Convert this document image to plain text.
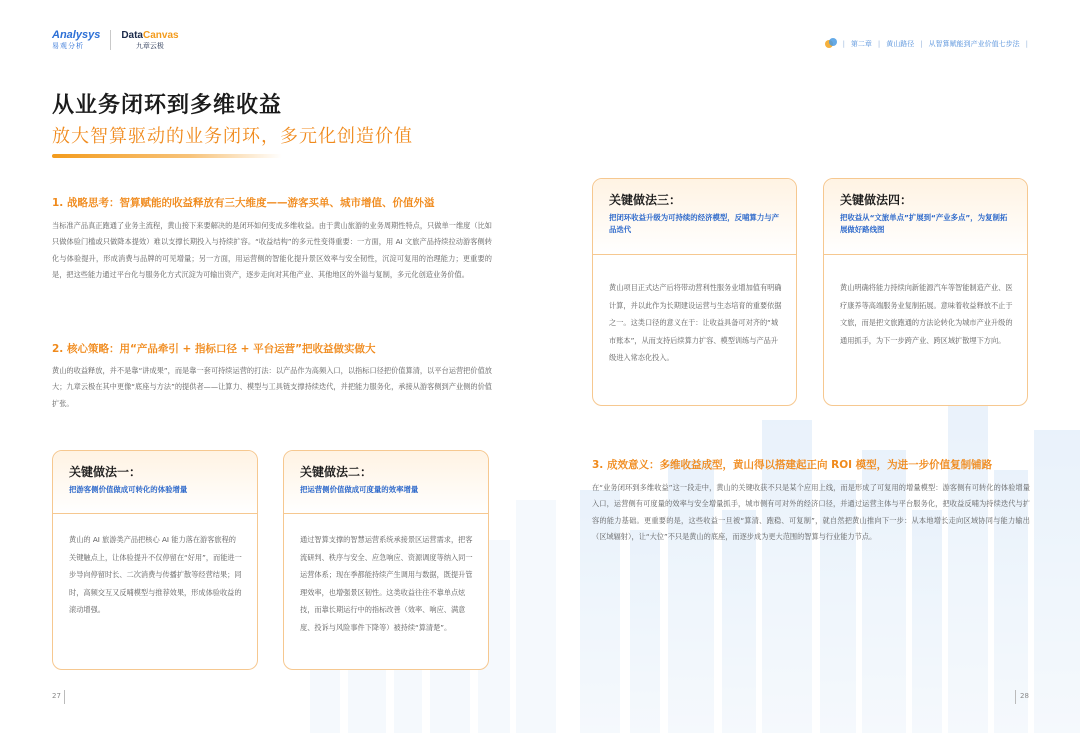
Analysys
易观分析
DataCanvas
九章云极	| 第二章 | 黄山路径 | 从智算赋能到产业价值七步法 |
从业务闭环到多维收益
放大智算驱动的业务闭环，多元化创造价值
1. 战略思考：智算赋能的收益释放有三大维度——游客买单、城市增值、价值外溢
当标准产品真正跑通了业务主流程，黄山接下来要解决的是闭环如何变成多维收益。由于黄山旅游的业务周期性特点，只做单一维度（比如只做体验门槛或只做降本提效）难以支撑长期投入与持续扩容。“收益结构”的多元性变得重要：一方面，用 AI 文旅产品持续拉动游客侧转化与体验提升，形成消费与品牌的可见增量；另一方面，用运营侧的智能化提升景区效率与安全韧性，沉淀可复用的治理能力；更重要的是，把这些能力通过平台化与服务化方式沉淀为可输出资产，逐步走向对其他产业、其他地区的外溢与复制，多元化创造业务价值。
2. 核心策略：用“产品牵引 + 指标口径 + 平台运营”把收益做实做大
黄山的收益释放，并不是靠“讲成果”，而是靠一套可持续运营的打法：以产品作为高频入口，以指标口径把价值算清，以平台运营把价值放大；九章云极在其中更像“底座与方法”的提供者——让算力、模型与工具链支撑持续迭代，并把能力服务化，承接从游客侧到产业侧的价值扩张。
关键做法一：
把游客侧价值做成可转化的体验增量
黄山的 AI 旅游类产品把核心 AI 能力落在游客旅程的关键触点上，让体验提升不仅停留在“好用”，而能进一步导向停留时长、二次消费与传播扩散等经营结果；同时，高频交互又反哺模型与推荐效果，形成体验收益的滚动增强。
关键做法二：
把运营侧价值做成可度量的效率增量
通过智算支撑的智慧运营系统承接景区运营需求，把客流研判、秩序与安全、应急响应、资源调度等纳入同一运营体系；现在季都能持续产生调用与数据，既提升管理效率，也增强景区韧性。这类收益往往不靠单点炫技，而靠长期运行中的指标改善（效率、响应、满意度、投诉与风险事件下降等）被持续“算清楚”。
关键做法三：
把闭环收益升级为可持续的经济模型，反哺算力与产品迭代
黄山项目正式达产后将带动营利性服务业增加值有明确计算，并以此作为长期建设运营与生态培育的重要依据之一。这类口径的意义在于：让收益具备可对齐的“城市账本”，从而支持后续算力扩容、模型训练与产品升级进入常态化投入。
关键做法四：
把收益从“文旅单点”扩展到“产业多点”，为复制拓展做好路线图
黄山明确将能力持续向新能源汽车等智能制造产业、医疗康养等高端服务业复制拓展。意味着收益释放不止于文旅，而是把文旅跑通的方法论转化为城市产业升级的通用抓手，为下一步跨产业、跨区域扩散埋下方向。
3. 成效意义：多维收益成型，黄山得以搭建起正向 ROI 模型，为进一步价值复制铺路
在“业务闭环到多维收益”这一段走中，黄山的关键收获不只是某个应用上线，而是形成了可复用的增量模型：游客侧有可转化的体验增量入口，运营侧有可度量的效率与安全增量抓手，城市侧有可对外的经济口径，并通过运营主体与平台服务化，把收益反哺为持续迭代与扩容的能力基础。更重要的是，这些收益一旦被“算清、跑稳、可复制”，就自然把黄山推向下一步：从本地增长走向区域协同与能力输出（区域辐射），让“大位”不只是黄山的底座，而逐步成为更大范围的智算与行业能力节点。
27	28
